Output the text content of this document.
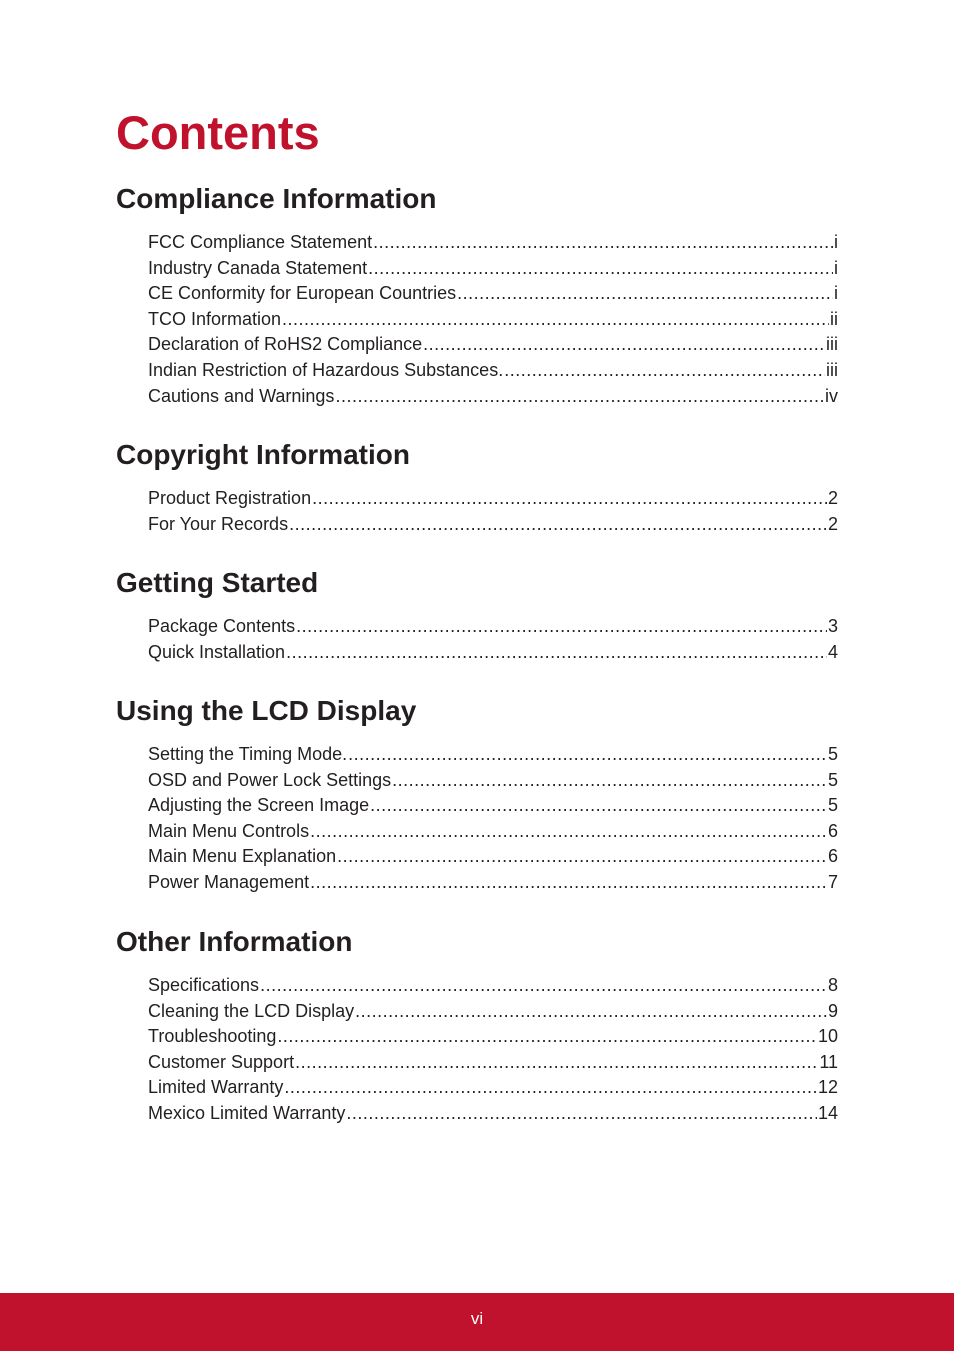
Contents
Compliance Information
FCC Compliance Statement .....	i
Industry Canada Statement .....	i
CE Conformity for European Countries .....	i
TCO Information .....	ii
Declaration of RoHS2 Compliance .....	iii
Indian Restriction of Hazardous Substances. .....	iii
Cautions and Warnings .....	iv
Copyright Information
Product Registration .....	2
For Your Records .....	2
Getting Started
Package Contents .....	3
Quick Installation .....	4
Using the LCD Display
Setting the Timing Mode. .....	5
OSD and Power Lock Settings .....	5
Adjusting the Screen Image .....	5
Main Menu Controls .....	6
Main Menu Explanation .....	6
Power Management .....	7
Other Information
Specifications .....	8
Cleaning the LCD Display .....	9
Troubleshooting .....	10
Customer Support .....	11
Limited Warranty .....	12
Mexico Limited Warranty .....	14
vi
